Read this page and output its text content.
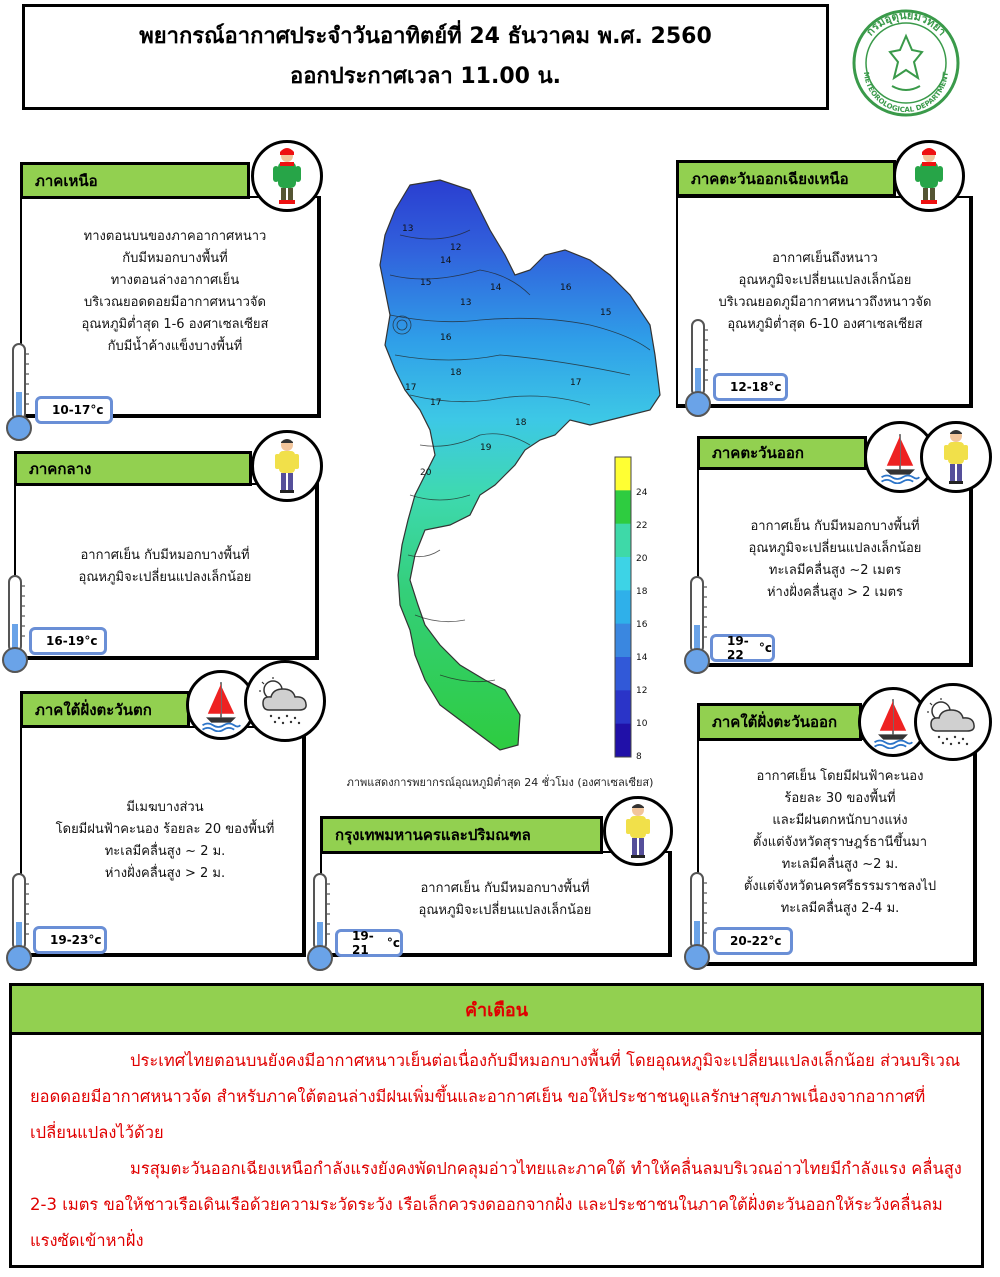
พยากรณ์อากาศประจำวันอาทิตย์ที่ 24 ธันวาคม พ.ศ. 2560
ออกประกาศเวลา 11.00 น.
กรมอุตุนิยมวิทยา
METEOROLOGICAL DEPARTMENT
ภาคเหนือ
ทางตอนบนของภาคอากาศหนาว
กับมีหมอกบางพื้นที่
ทางตอนล่างอากาศเย็น
บริเวณยอดดอยมีอากาศหนาวจัด
อุณหภูมิต่ำสุด 1-6 องศาเซลเซียส
กับมีน้ำค้างแข็งบางพื้นที่
10-17 °c
ภาคตะวันออกเฉียงเหนือ
อากาศเย็นถึงหนาว
อุณหภูมิจะเปลี่ยนแปลงเล็กน้อย
บริเวณยอดภูมีอากาศหนาวถึงหนาวจัด
อุณหภูมิต่ำสุด 6-10 องศาเซลเซียส
12-18 °c
ภาคกลาง
อากาศเย็น กับมีหมอกบางพื้นที่
อุณหภูมิจะเปลี่ยนแปลงเล็กน้อย
16-19 °c
ภาคตะวันออก
อากาศเย็น กับมีหมอกบางพื้นที่
อุณหภูมิจะเปลี่ยนแปลงเล็กน้อย
ทะเลมีคลื่นสูง ~2 เมตร
ห่างฝั่งคลื่นสูง > 2 เมตร
19-22	°c
ภาคใต้ฝั่งตะวันตก
มีเมฆบางส่วน
โดยมีฝนฟ้าคะนอง ร้อยละ 20 ของพื้นที่
ทะเลมีคลื่นสูง ~ 2 ม.
ห่างฝั่งคลื่นสูง > 2 ม.
19-23 °c
กรุงเทพมหานครและปริมณฑล
อากาศเย็น กับมีหมอกบางพื้นที่
อุณหภูมิจะเปลี่ยนแปลงเล็กน้อย
19-21	°c
ภาคใต้ฝั่งตะวันออก
อากาศเย็น โดยมีฝนฟ้าคะนอง
ร้อยละ 30 ของพื้นที่
และมีฝนตกหนักบางแห่ง
ตั้งแต่จังหวัดสุราษฎร์ธานีขึ้นมา
ทะเลมีคลื่นสูง ~2 ม.
ตั้งแต่จังหวัดนครศรีธรรมราชลงไป
ทะเลมีคลื่นสูง 2-4 ม.
20-22 °c
13
14
15
12
13
16
17
14	16
15
17
18
19
17
18
20
24
22
20
18
16
14
12
10
8
ภาพแสดงการพยากรณ์อุณหภูมิต่ำสุด 24 ชั่วโมง (องศาเซลเซียส)
คำเตือน

ประเทศไทยตอนบนยังคงมีอากาศหนาวเย็นต่อเนื่องกับมีหมอกบางพื้นที่ โดยอุณหภูมิจะเปลี่ยนแปลงเล็กน้อย ส่วนบริเวณยอดดอยมีอากาศหนาวจัด สำหรับภาคใต้ตอนล่างมีฝนเพิ่มขึ้นและอากาศเย็น ขอให้ประชาชนดูแลรักษาสุขภาพเนื่องจากอากาศที่เปลี่ยนแปลงไว้ด้วย

มรสุมตะวันออกเฉียงเหนือกำลังแรงยังคงพัดปกคลุมอ่าวไทยและภาคใต้ ทำให้คลื่นลมบริเวณอ่าวไทยมีกำลังแรง คลื่นสูง 2-3 เมตร ขอให้ชาวเรือเดินเรือด้วยความระวัดระวัง เรือเล็กควรงดออกจากฝั่ง และประชาชนในภาคใต้ฝั่งตะวันออกให้ระวังคลื่นลมแรงซัดเข้าหาฝั่ง
